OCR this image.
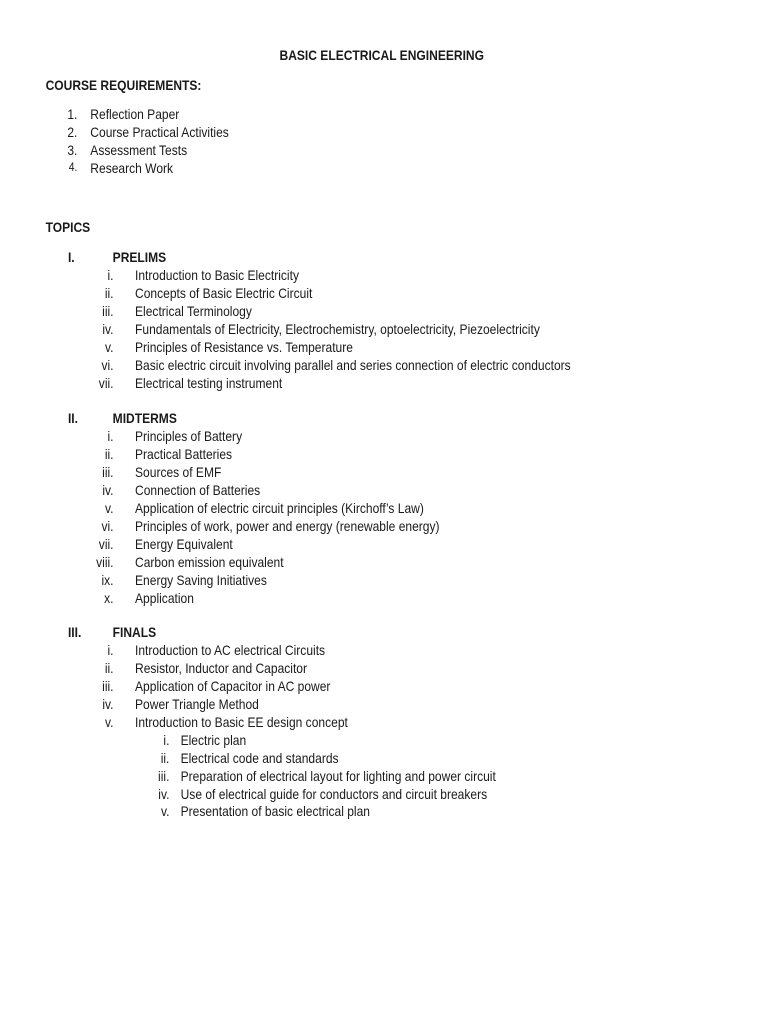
BASIC ELECTRICAL ENGINEERING
COURSE REQUIREMENTS:
1. Reflection Paper
2. Course Practical Activities
3. Assessment Tests
4. Research Work
TOPICS
I.	PRELIMS
i. Introduction to Basic Electricity
ii. Concepts of Basic Electric Circuit
iii. Electrical Terminology
iv. Fundamentals of Electricity, Electrochemistry, optoelectricity, Piezoelectricity
v. Principles of Resistance vs. Temperature
vi. Basic electric circuit involving parallel and series connection of electric conductors
vii. Electrical testing instrument
II. MIDTERMS
i. Principles of Battery
ii. Practical Batteries
iii. Sources of EMF
iv. Connection of Batteries
v. Application of electric circuit principles (Kirchoff’s Law)
vi. Principles of work, power and energy (renewable energy)
vii. Energy Equivalent
viii. Carbon emission equivalent
ix. Energy Saving Initiatives
x. Application
III. FINALS
i. Introduction to AC electrical Circuits
ii. Resistor, Inductor and Capacitor
iii. Application of Capacitor in AC power
iv. Power Triangle Method
v. Introduction to Basic EE design concept
i. Electric plan
ii. Electrical code and standards
iii. Preparation of electrical layout for lighting and power circuit
iv. Use of electrical guide for conductors and circuit breakers
v. Presentation of basic electrical plan
